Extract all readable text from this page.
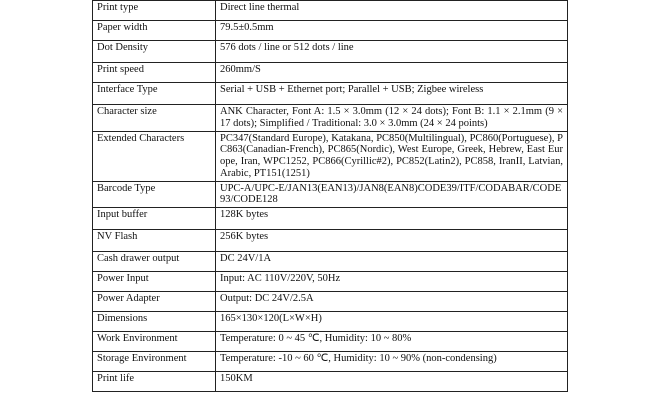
Print type	Direct line thermal
Paper width	79.5±0.5mm
Dot Density	576 dots / line or 512 dots / line
Print speed	260mm/S
Interface Type	Serial + USB + Ethernet port; Parallel + USB; Zigbee wireless
Character size	ANK Character, Font A: 1.5 × 3.0mm (12 × 24 dots); Font B: 1.1 × 2.1mm (9 × 17 dots); Simplified / Traditional: 3.0 × 3.0mm (24 × 24 points)
Extended Characters	PC347(Standard Europe), Katakana, PC850(Multilingual), PC860(Portuguese), PC863(Canadian-French), PC865(Nordic), West Europe, Greek, Hebrew, East Europe, Iran, WPC1252, PC866(Cyrillic#2), PC852(Latin2), PC858, IranII, Latvian, Arabic, PT151(1251)
Barcode Type	UPC-A/UPC-E/JAN13(EAN13)/JAN8(EAN8)CODE39/ITF/CODABAR/CODE93/CODE128
Input buffer	128K bytes
NV Flash	256K bytes
Cash drawer output	DC 24V/1A
Power Input	Input: AC 110V/220V, 50Hz
Power Adapter	Output: DC 24V/2.5A
Dimensions	165×130×120(L×W×H)
Work Environment	Temperature: 0 ~ 45 ℃, Humidity: 10 ~ 80%
Storage Environment	Temperature: -10 ~ 60 ℃, Humidity: 10 ~ 90% (non-condensing)
Print life	150KM
